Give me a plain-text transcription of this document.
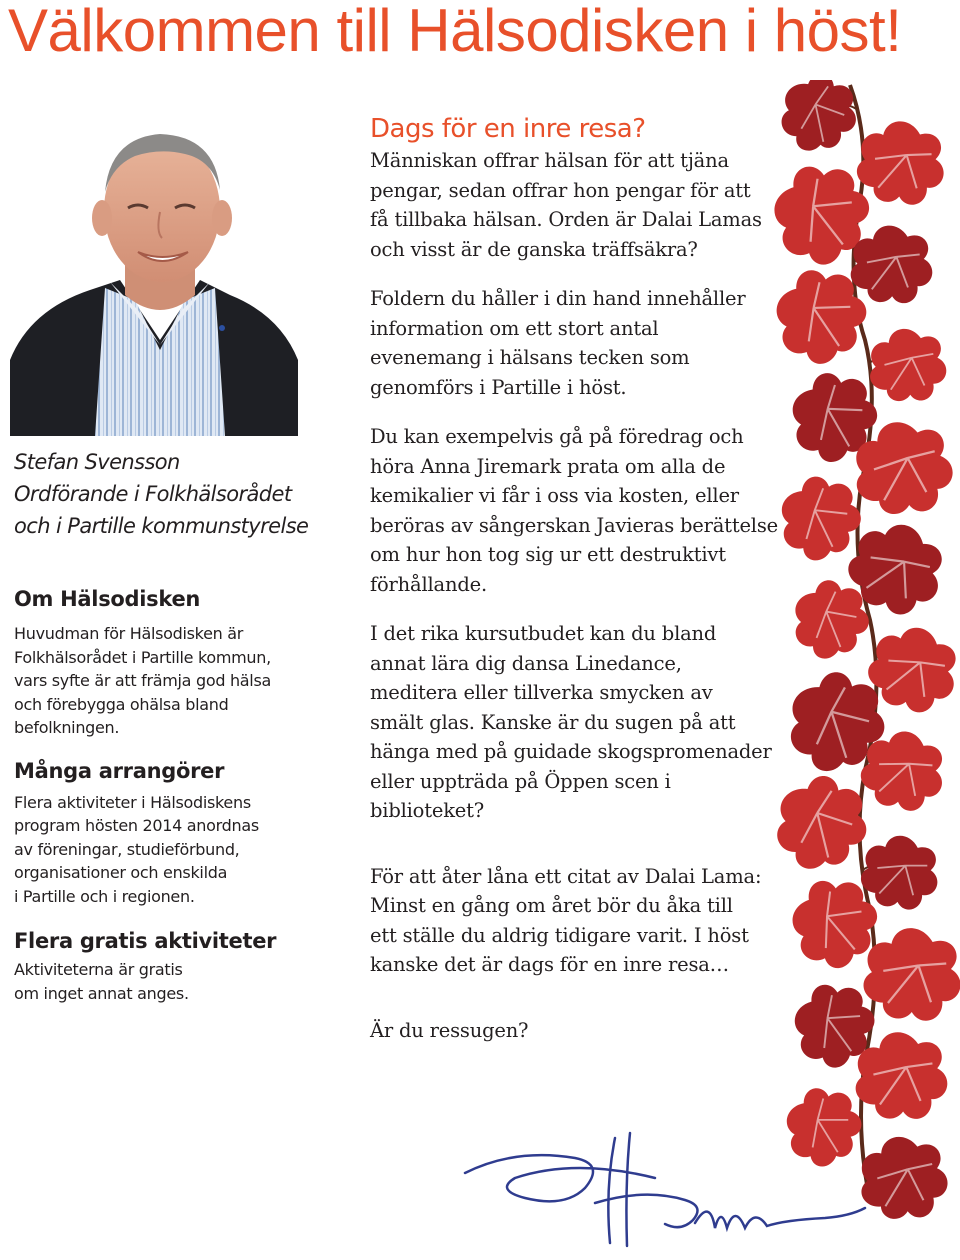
Välkommen till Hälsodisken i höst!
Stefan Svensson
Ordförande i Folkhälsorådet
och i Partille kommunstyrelse
Om Hälsodisken

Huvudman för Hälsodisken är
Folkhälsorådet i Partille kommun,
vars syfte är att främja god hälsa
och förebygga ohälsa bland
befolkningen.

Många arrangörer

Flera aktiviteter i Hälsodiskens
program hösten 2014 anordnas
av föreningar, studieförbund,
organisationer och enskilda
i Partille och i regionen.

Flera gratis aktiviteter

Aktiviteterna är gratis
om inget annat anges.

Dags för en inre resa?

Människan offrar hälsan för att tjäna
pengar, sedan offrar hon pengar för att
få tillbaka hälsan. Orden är Dalai Lamas
och visst är de ganska träffsäkra?

Foldern du håller i din hand innehåller
information om ett stort antal
evenemang i hälsans tecken som
genomförs i Partille i höst.

Du kan exempelvis gå på föredrag och
höra Anna Jiremark prata om alla de
kemikalier vi får i oss via kosten, eller
beröras av sångerskan Javieras berättelse
om hur hon tog sig ur ett destruktivt
förhållande.

I det rika kursutbudet kan du bland
annat lära dig dansa Linedance,
meditera eller tillverka smycken av
smält glas. Kanske är du sugen på att
hänga med på guidade skogspromenader
eller uppträda på Öppen scen i
biblioteket?

För att åter låna ett citat av Dalai Lama:
Minst en gång om året bör du åka till
ett ställe du aldrig tidigare varit. I höst
kanske det är dags för en inre resa…

Är du ressugen?
